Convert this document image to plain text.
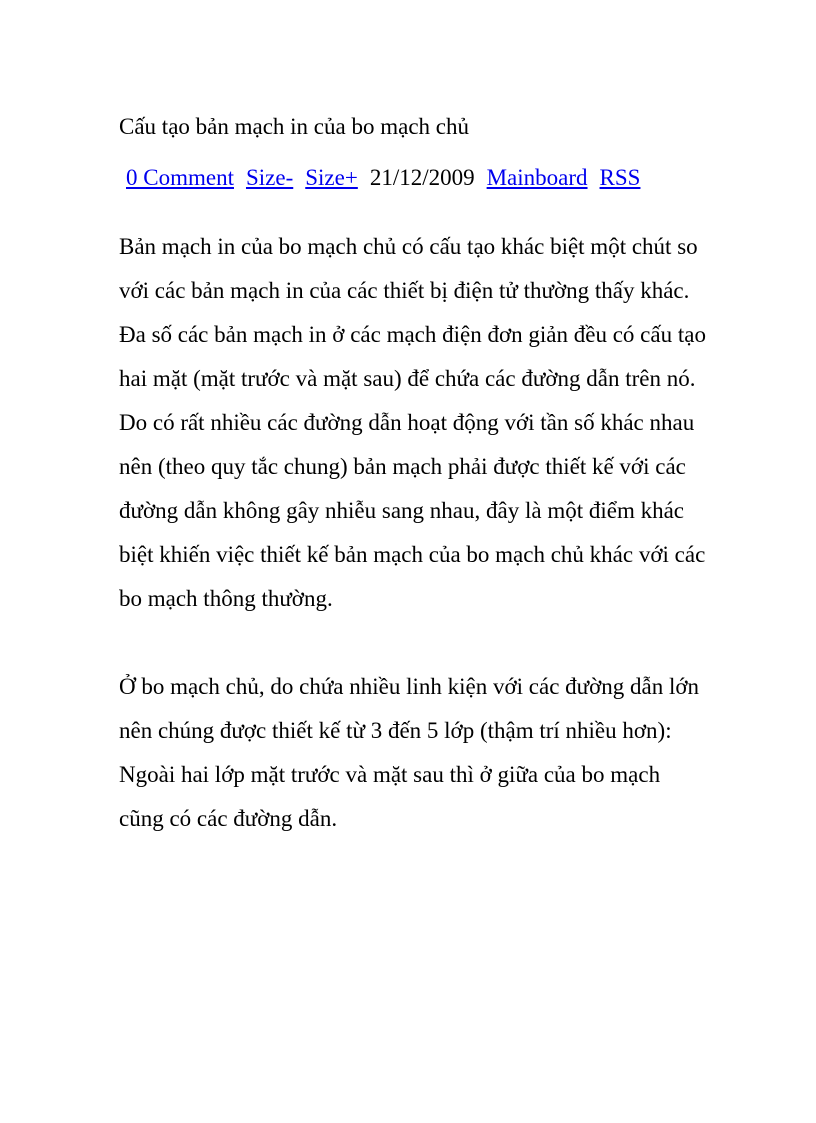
Cấu tạo bản mạch in của bo mạch chủ
0 Comment Size- Size+ 21/12/2009 Mainboard RSS

Bản mạch in của bo mạch chủ có cấu tạo khác biệt một chút so với các bản mạch in của các thiết bị điện tử thường thấy khác. Đa số các bản mạch in ở các mạch điện đơn giản đều có cấu tạo hai mặt (mặt trước và mặt sau) để chứa các đường dẫn trên nó. Do có rất nhiều các đường dẫn hoạt động với tần số khác nhau nên (theo quy tắc chung) bản mạch phải được thiết kế với các đường dẫn không gây nhiễu sang nhau, đây là một điểm khác biệt khiến việc thiết kế bản mạch của bo mạch chủ khác với các bo mạch thông thường.

Ở bo mạch chủ, do chứa nhiều linh kiện với các đường dẫn lớn nên chúng được thiết kế từ 3 đến 5 lớp (thậm trí nhiều hơn): Ngoài hai lớp mặt trước và mặt sau thì ở giữa của bo mạch cũng có các đường dẫn.
